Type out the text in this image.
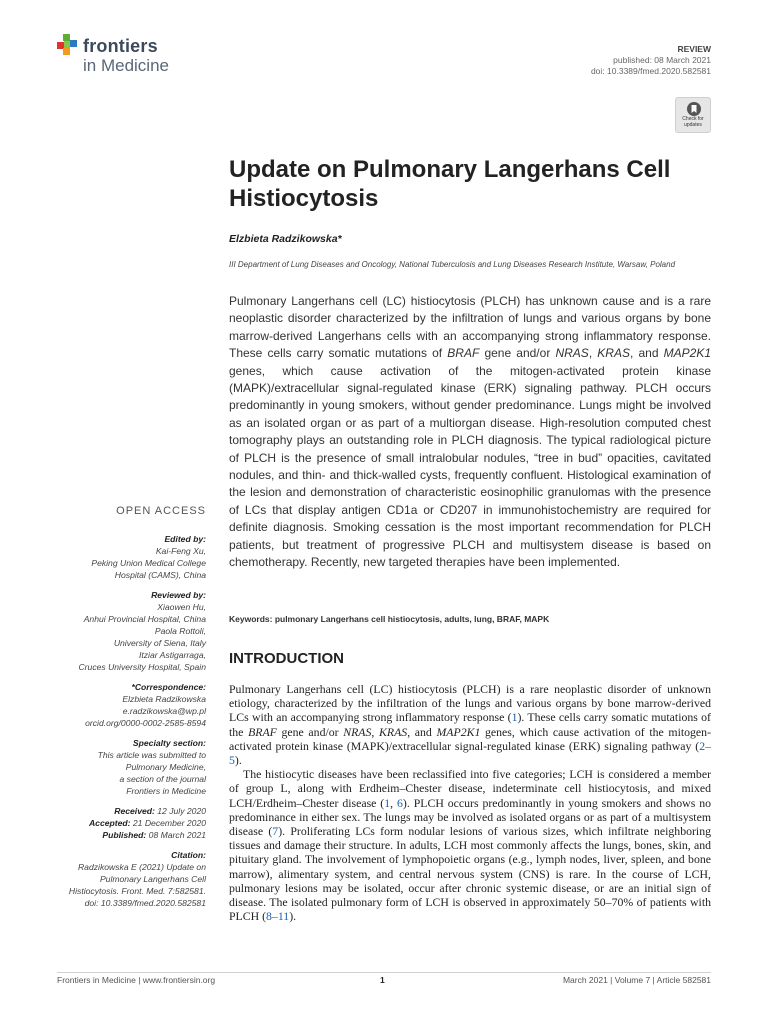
frontiers
in Medicine
REVIEW
published: 08 March 2021
doi: 10.3389/fmed.2020.582581
Check for
updates
Update on Pulmonary Langerhans Cell Histiocytosis
Elzbieta Radzikowska*
III Department of Lung Diseases and Oncology, National Tuberculosis and Lung Diseases Research Institute, Warsaw, Poland
Pulmonary Langerhans cell (LC) histiocytosis (PLCH) has unknown cause and is a rare neoplastic disorder characterized by the infiltration of lungs and various organs by bone marrow-derived Langerhans cells with an accompanying strong inflammatory response. These cells carry somatic mutations of BRAF gene and/or NRAS, KRAS, and MAP2K1 genes, which cause activation of the mitogen-activated protein kinase (MAPK)/extracellular signal-regulated kinase (ERK) signaling pathway. PLCH occurs predominantly in young smokers, without gender predominance. Lungs might be involved as an isolated organ or as part of a multiorgan disease. High-resolution computed chest tomography plays an outstanding role in PLCH diagnosis. The typical radiological picture of PLCH is the presence of small intralobular nodules, “tree in bud” opacities, cavitated nodules, and thin- and thick-walled cysts, frequently confluent. Histological examination of the lesion and demonstration of characteristic eosinophilic granulomas with the presence of LCs that display antigen CD1a or CD207 in immunohistochemistry are required for definite diagnosis. Smoking cessation is the most important recommendation for PLCH patients, but treatment of progressive PLCH and multisystem disease is based on chemotherapy. Recently, new targeted therapies have been implemented.
Keywords: pulmonary Langerhans cell histiocytosis, adults, lung, BRAF, MAPK
INTRODUCTION

Pulmonary Langerhans cell (LC) histiocytosis (PLCH) is a rare neoplastic disorder of unknown etiology, characterized by the infiltration of the lungs and various organs by bone marrow-derived LCs with an accompanying strong inflammatory response (1). These cells carry somatic mutations of the BRAF gene and/or NRAS, KRAS, and MAP2K1 genes, which cause activation of the mitogen-activated protein kinase (MAPK)/extracellular signal-regulated kinase (ERK) signaling pathway (2–5).

The histiocytic diseases have been reclassified into five categories; LCH is considered a member of group L, along with Erdheim–Chester disease, indeterminate cell histiocytosis, and mixed LCH/Erdheim–Chester disease (1, 6). PLCH occurs predominantly in young smokers and shows no predominance in either sex. The lungs may be involved as isolated organs or as part of a multisystem disease (7). Proliferating LCs form nodular lesions of various sizes, which infiltrate neighboring tissues and damage their structure. In adults, LCH most commonly affects the lungs, bones, skin, and pituitary gland. The involvement of lymphopoietic organs (e.g., lymph nodes, liver, spleen, and bone marrow), alimentary system, and central nervous system (CNS) is rare. In the course of LCH, pulmonary lesions may be isolated, occur after chronic systemic disease, or are an initial sign of disease. The isolated pulmonary form of LCH is observed in approximately 50–70% of patients with PLCH (8–11).

OPEN ACCESS
Edited by:
Kai-Feng Xu,
Peking Union Medical College
Hospital (CAMS), China
Reviewed by:
Xiaowen Hu,
Anhui Provincial Hospital, China
Paola Rottoli,
University of Siena, Italy
Itziar Astigarraga,
Cruces University Hospital, Spain
*Correspondence:
Elzbieta Radzikowska
e.radzikowska@wp.pl
orcid.org/0000-0002-2585-8594
Specialty section:
This article was submitted to
Pulmonary Medicine,
a section of the journal
Frontiers in Medicine
Received: 12 July 2020
Accepted: 21 December 2020
Published: 08 March 2021
Citation:
Radzikowska E (2021) Update on
Pulmonary Langerhans Cell
Histiocytosis. Front. Med. 7:582581.
doi: 10.3389/fmed.2020.582581
Frontiers in Medicine | www.frontiersin.org	1	March 2021 | Volume 7 | Article 582581
